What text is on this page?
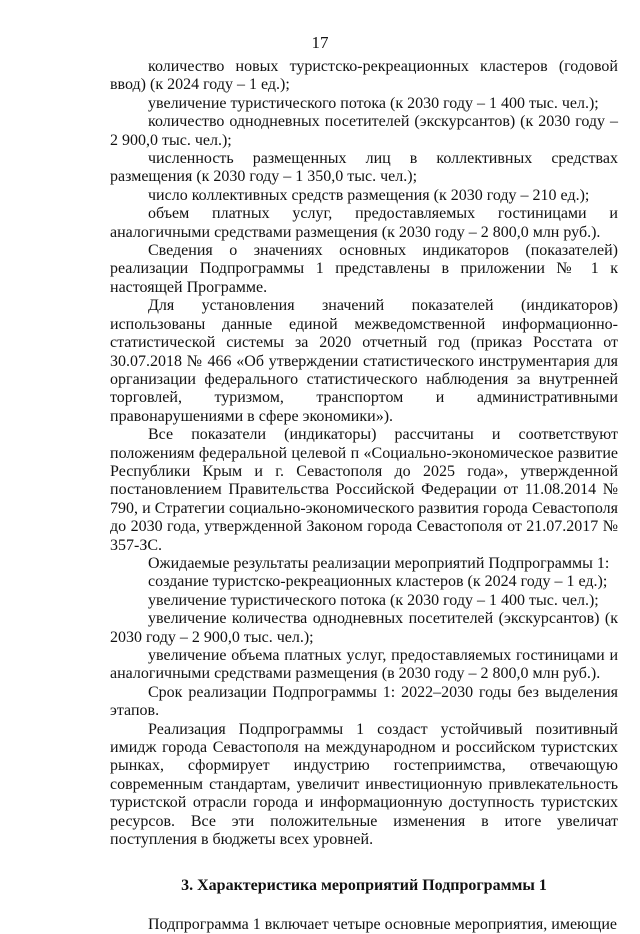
17

количество новых туристско-рекреационных кластеров (годовой ввод) (к 2024 году – 1 ед.);

увеличение туристического потока (к 2030 году – 1 400 тыс. чел.);

количество однодневных посетителей (экскурсантов) (к 2030 году – 2 900,0 тыс. чел.);

численность размещенных лиц в коллективных средствах размещения (к 2030 году – 1 350,0 тыс. чел.);

число коллективных средств размещения (к 2030 году – 210 ед.);

объем платных услуг, предоставляемых гостиницами и аналогичными средствами размещения (к 2030 году – 2 800,0 млн руб.).

Сведения о значениях основных индикаторов (показателей) реализации Подпрограммы 1 представлены в приложении № 1 к настоящей Программе.

Для установления значений показателей (индикаторов) использованы данные единой межведомственной информационно-статистической системы за 2020 отчетный год (приказ Росстата от 30.07.2018 № 466 «Об утверждении статистического инструментария для организации федерального статистического наблюдения за внутренней торговлей, туризмом, транспортом и административными правонарушениями в сфере экономики»).

Все показатели (индикаторы) рассчитаны и соответствуют положениям федеральной целевой п «Социально-экономическое развитие Республики Крым и г. Севастополя до 2025 года», утвержденной постановлением Правительства Российской Федерации от 11.08.2014 № 790, и Стратегии социально-экономического развития города Севастополя до 2030 года, утвержденной Законом города Севастополя от 21.07.2017 № 357-ЗС.

Ожидаемые результаты реализации мероприятий Подпрограммы 1:

создание туристско-рекреационных кластеров (к 2024 году – 1 ед.);

увеличение туристического потока (к 2030 году – 1 400 тыс. чел.);

увеличение количества однодневных посетителей (экскурсантов) (к 2030 году – 2 900,0 тыс. чел.);

увеличение объема платных услуг, предоставляемых гостиницами и аналогичными средствами размещения (в 2030 году – 2 800,0 млн руб.).

Срок реализации Подпрограммы 1: 2022–2030 годы без выделения этапов.

Реализация Подпрограммы 1 создаст устойчивый позитивный имидж города Севастополя на международном и российском туристских рынках, сформирует индустрию гостеприимства, отвечающую современным стандартам, увеличит инвестиционную привлекательность туристской отрасли города и информационную доступность туристских ресурсов. Все эти положительные изменения в итоге увеличат поступления в бюджеты всех уровней.

3. Характеристика мероприятий Подпрограммы 1

Подпрограмма 1 включает четыре основные мероприятия, имеющие
